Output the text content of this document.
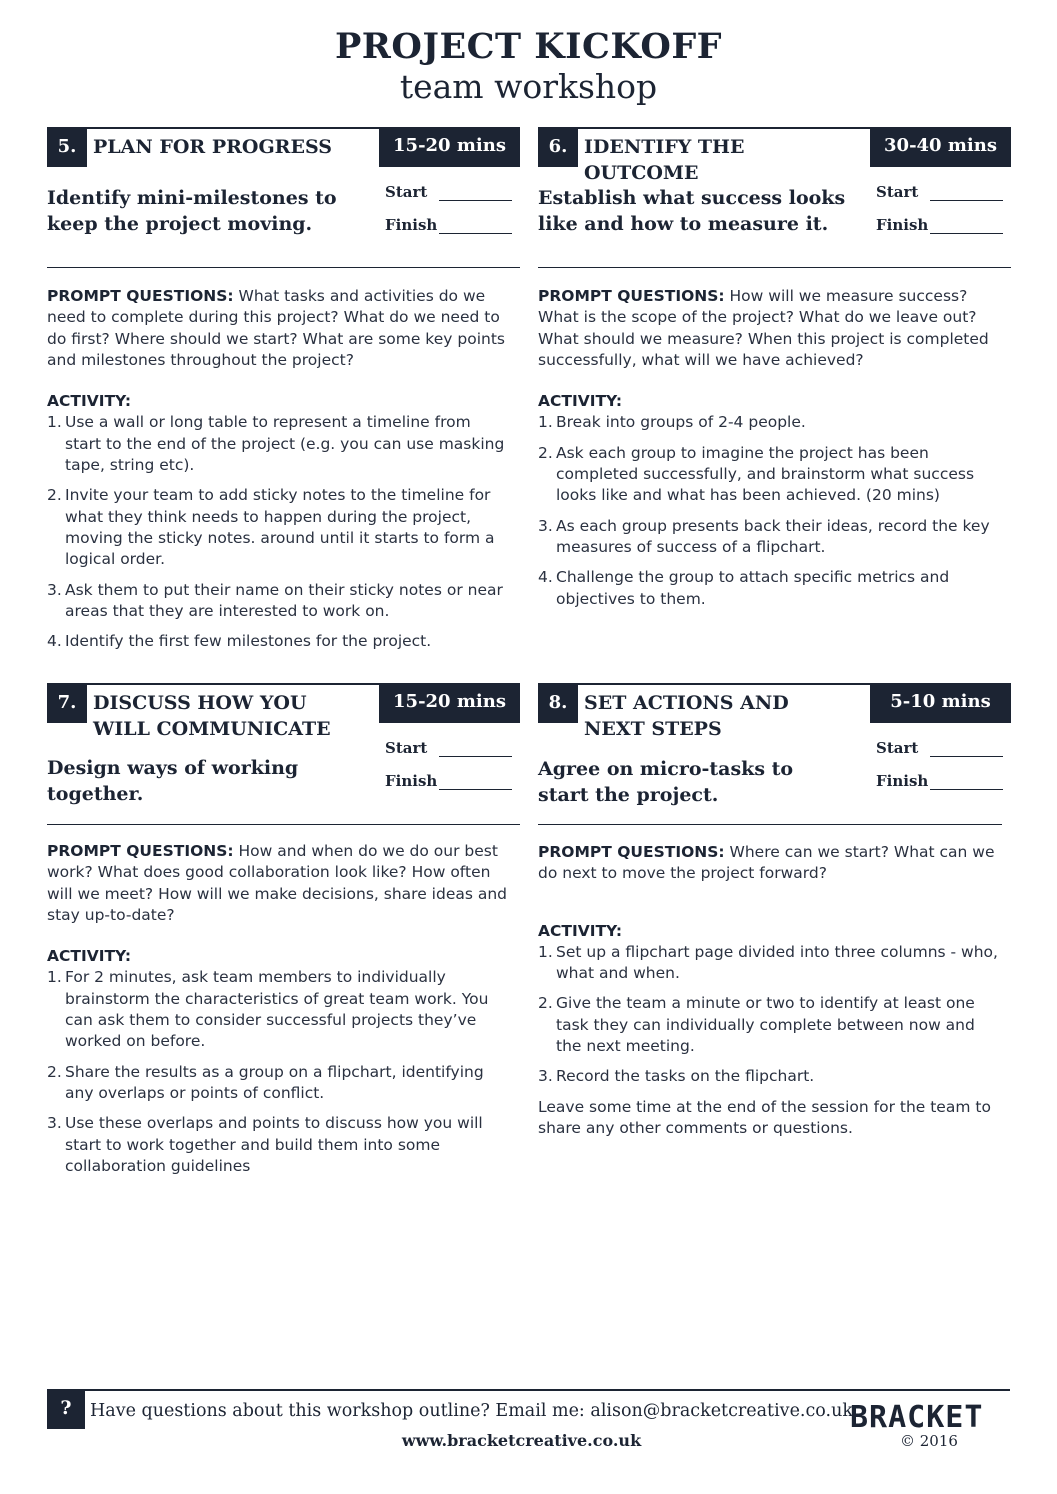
PROJECT KICKOFF
team workshop
5. PLAN FOR PROGRESS	15-20 mins
Identify mini-milestones to keep the project moving.
Start
Finish
PROMPT QUESTIONS: What tasks and activities do we need to complete during this project? What do we need to do first? Where should we start? What are some key points and milestones throughout the project?
ACTIVITY:
1. Use a wall or long table to represent a timeline from start to the end of the project (e.g. you can use masking tape, string etc).
2. Invite your team to add sticky notes to the timeline for what they think needs to happen during the project, moving the sticky notes. around until it starts to form a logical order.
3. Ask them to put their name on their sticky notes or near areas that they are interested to work on.
4. Identify the first few milestones for the project.
6. IDENTIFY THE OUTCOME
30-40 mins
Establish what success looks like and how to measure it.
Start
Finish
PROMPT QUESTIONS: How will we measure success? What is the scope of the project? What do we leave out? What should we measure? When this project is completed successfully, what will we have achieved?
ACTIVITY:
1. Break into groups of 2-4 people.
2. Ask each group to imagine the project has been completed successfully, and brainstorm what success looks like and what has been achieved. (20 mins)
3. As each group presents back their ideas, record the key measures of success of a flipchart.
4. Challenge the group to attach specific metrics and objectives to them.
7. DISCUSS HOW YOU WILL COMMUNICATE
15-20 mins
Design ways of working together.
Start
Finish
PROMPT QUESTIONS: How and when do we do our best work? What does good collaboration look like? How often will we meet? How will we make decisions, share ideas and stay up-to-date?
ACTIVITY:
1. For 2 minutes, ask team members to individually brainstorm the characteristics of great team work. You can ask them to consider successful projects they’ve worked on before.
2. Share the results as a group on a flipchart, identifying any overlaps or points of conflict.
3. Use these overlaps and points to discuss how you will start to work together and build them into some collaboration guidelines
8. SET ACTIONS AND NEXT STEPS
5-10 mins
Agree on micro-tasks to start the project.
Start
Finish
PROMPT QUESTIONS: Where can we start? What can we do next to move the project forward?
ACTIVITY:
1. Set up a flipchart page divided into three columns - who, what and when.
2. Give the team a minute or two to identify at least one task they can individually complete between now and the next meeting.
3. Record the tasks on the flipchart.
Leave some time at the end of the session for the team to share any other comments or questions.
?	Have questions about this workshop outline? Email me: alison@bracketcreative.co.uk
www.bracketcreative.co.uk
BRACKET
© 2016
